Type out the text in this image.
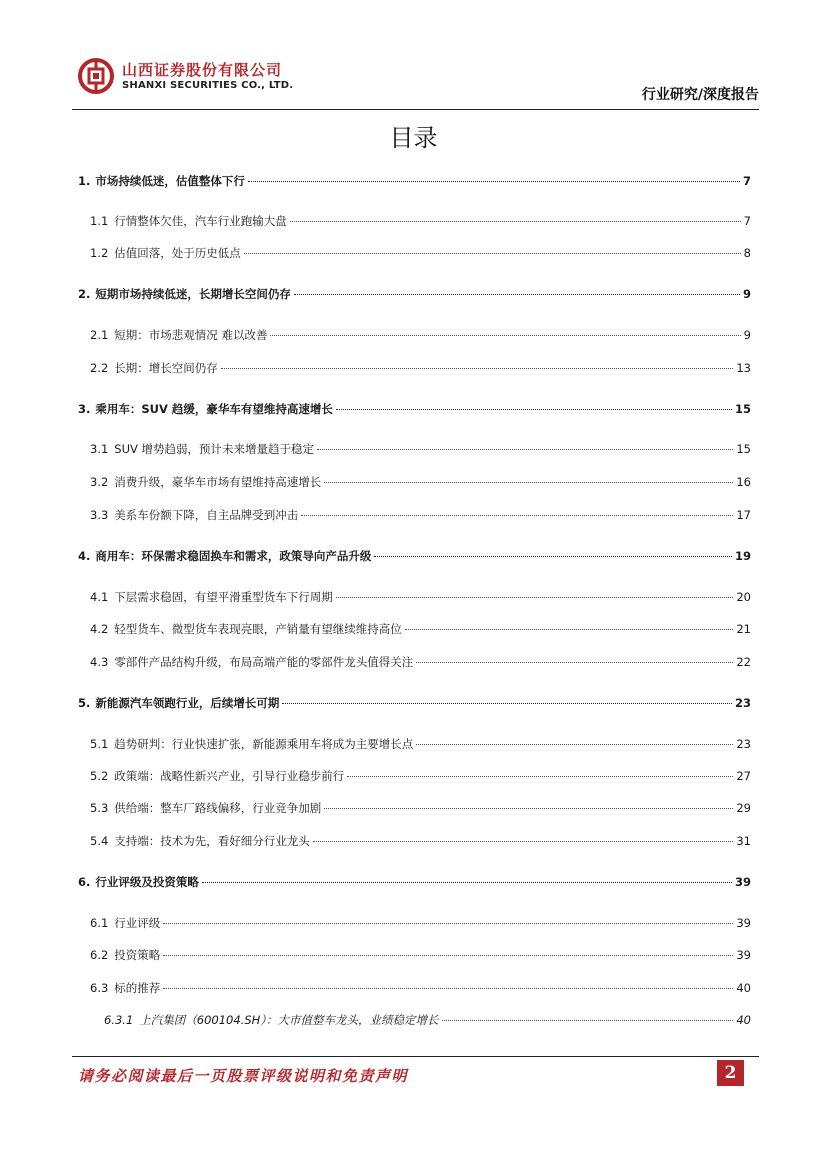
山西证券股份有限公司
SHANXI SECURITIES CO., LTD.
行业研究/深度报告
目录
1. 市场持续低迷，估值整体下行	7
1.1 行情整体欠佳，汽车行业跑输大盘	7
1.2 估值回落，处于历史低点	8
2. 短期市场持续低迷，长期增长空间仍存	9
2.1 短期：市场悲观情况 难以改善	9
2.2 长期：增长空间仍存	13
3. 乘用车：SUV 趋缓，豪华车有望维持高速增长	15
3.1 SUV 增势趋弱，预计未来增量趋于稳定	15
3.2 消费升级，豪华车市场有望维持高速增长	16
3.3 美系车份额下降，自主品牌受到冲击	17
4. 商用车：环保需求稳固换车和需求，政策导向产品升级	19
4.1 下层需求稳固，有望平滑重型货车下行周期	20
4.2 轻型货车、微型货车表现亮眼，产销量有望继续维持高位	21
4.3 零部件产品结构升级，布局高端产能的零部件龙头值得关注	22
5. 新能源汽车领跑行业，后续增长可期	23
5.1 趋势研判：行业快速扩张，新能源乘用车将成为主要增长点	23
5.2 政策端：战略性新兴产业，引导行业稳步前行	27
5.3 供给端：整车厂路线偏移，行业竞争加剧	29
5.4 支持端：技术为先，看好细分行业龙头	31
6. 行业评级及投资策略	39
6.1 行业评级	39
6.2 投资策略	39
6.3 标的推荐	40
6.3.1 上汽集团（600104.SH）：大市值整车龙头，业绩稳定增长	40
请务必阅读最后一页股票评级说明和免责声明	2
